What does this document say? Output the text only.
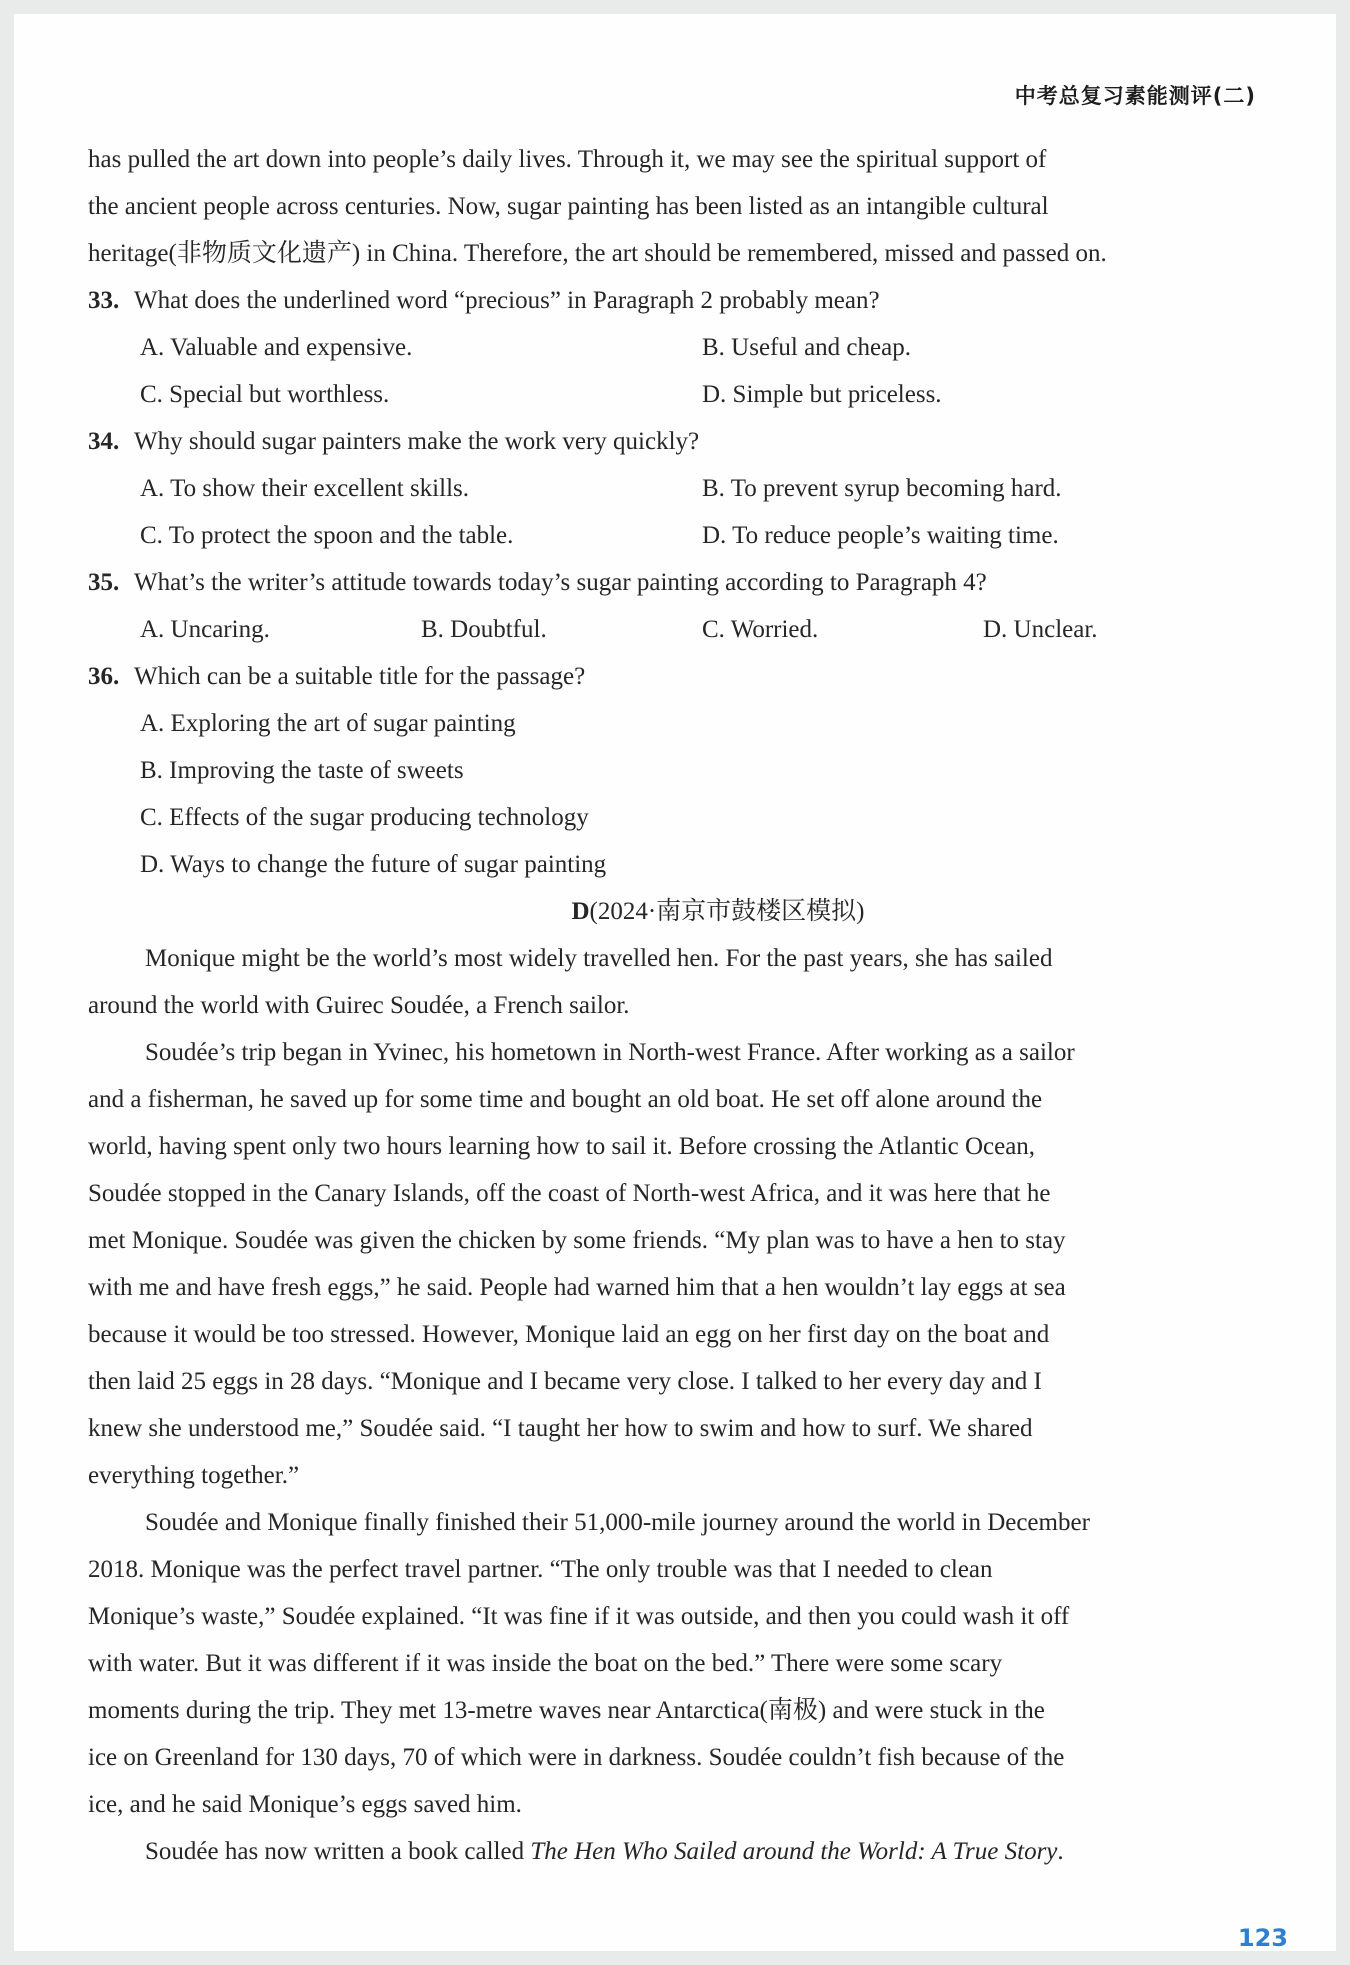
中考总复习素能测评(二)
has pulled the art down into people’s daily lives. Through it, we may see the spiritual support of
the ancient people across centuries. Now, sugar painting has been listed as an intangible cultural
heritage(非物质文化遗产) in China. Therefore, the art should be remembered, missed and passed on.
33. What does the underlined word “precious” in Paragraph 2 probably mean?
A. Valuable and expensive.	B. Useful and cheap.
C. Special but worthless.	D. Simple but priceless.
34. Why should sugar painters make the work very quickly?
A. To show their excellent skills.	B. To prevent syrup becoming hard.
C. To protect the spoon and the table.	D. To reduce people’s waiting time.
35. What’s the writer’s attitude towards today’s sugar painting according to Paragraph 4?
A. Uncaring.	B. Doubtful.	C. Worried.	D. Unclear.
36. Which can be a suitable title for the passage?
A. Exploring the art of sugar painting
B. Improving the taste of sweets
C. Effects of the sugar producing technology
D. Ways to change the future of sugar painting
D(2024·南京市鼓楼区模拟)
Monique might be the world’s most widely travelled hen. For the past years, she has sailed
around the world with Guirec Soudée, a French sailor.
Soudée’s trip began in Yvinec, his hometown in North-west France. After working as a sailor
and a fisherman, he saved up for some time and bought an old boat. He set off alone around the
world, having spent only two hours learning how to sail it. Before crossing the Atlantic Ocean,
Soudée stopped in the Canary Islands, off the coast of North-west Africa, and it was here that he
met Monique. Soudée was given the chicken by some friends. “My plan was to have a hen to stay
with me and have fresh eggs,” he said. People had warned him that a hen wouldn’t lay eggs at sea
because it would be too stressed. However, Monique laid an egg on her first day on the boat and
then laid 25 eggs in 28 days. “Monique and I became very close. I talked to her every day and I
knew she understood me,” Soudée said. “I taught her how to swim and how to surf. We shared
everything together.”
Soudée and Monique finally finished their 51,000-mile journey around the world in December
2018. Monique was the perfect travel partner. “The only trouble was that I needed to clean
Monique’s waste,” Soudée explained. “It was fine if it was outside, and then you could wash it off
with water. But it was different if it was inside the boat on the bed.” There were some scary
moments during the trip. They met 13-metre waves near Antarctica(南极) and were stuck in the
ice on Greenland for 130 days, 70 of which were in darkness. Soudée couldn’t fish because of the
ice, and he said Monique’s eggs saved him.
Soudée has now written a book called The Hen Who Sailed around the World: A True Story.
123
